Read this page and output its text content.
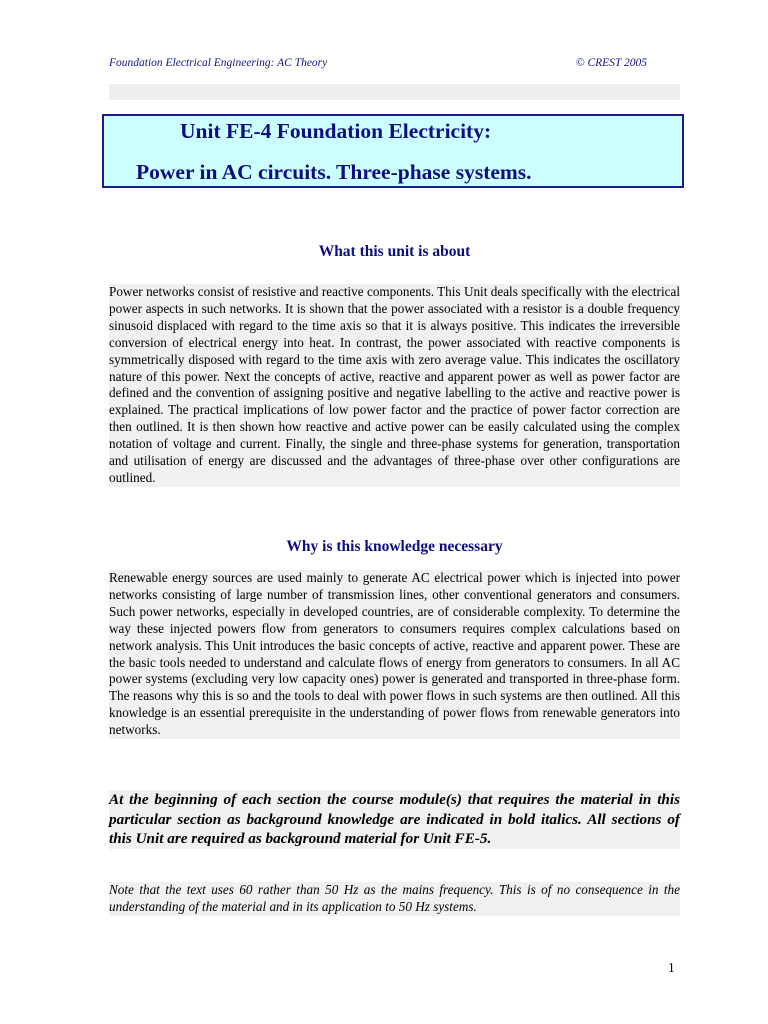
Foundation Electrical Engineering: AC Theory	© CREST 2005
Unit FE-4 Foundation Electricity:
Power in AC circuits. Three-phase systems.
What this unit is about

Power networks consist of resistive and reactive components. This Unit deals specifically with the electrical power aspects in such networks. It is shown that the power associated with a resistor is a double frequency sinusoid displaced with regard to the time axis so that it is always positive. This indicates the irreversible conversion of electrical energy into heat. In contrast, the power associated with reactive components is symmetrically disposed with regard to the time axis with zero average value. This indicates the oscillatory nature of this power. Next the concepts of active, reactive and apparent power as well as power factor are defined and the convention of assigning positive and negative labelling to the active and reactive power is explained. The practical implications of low power factor and the practice of power factor correction are then outlined. It is then shown how reactive and active power can be easily calculated using the complex notation of voltage and current. Finally, the single and three-phase systems for generation, transportation and utilisation of energy are discussed and the advantages of three-phase over other configurations are outlined.

Why is this knowledge necessary

Renewable energy sources are used mainly to generate AC electrical power which is injected into power networks consisting of large number of transmission lines, other conventional generators and consumers. Such power networks, especially in developed countries, are of considerable complexity. To determine the way these injected powers flow from generators to consumers requires complex calculations based on network analysis. This Unit introduces the basic concepts of active, reactive and apparent power. These are the basic tools needed to understand and calculate flows of energy from generators to consumers. In all AC power systems (excluding very low capacity ones) power is generated and transported in three-phase form. The reasons why this is so and the tools to deal with power flows in such systems are then outlined. All this knowledge is an essential prerequisite in the understanding of power flows from renewable generators into networks.

At the beginning of each section the course module(s) that requires the material in this particular section as background knowledge are indicated in bold italics. All sections of this Unit are required as background material for Unit FE-5.

Note that the text uses 60 rather than 50 Hz as the mains frequency. This is of no consequence in the understanding of the material and in its application to 50 Hz systems.

1
